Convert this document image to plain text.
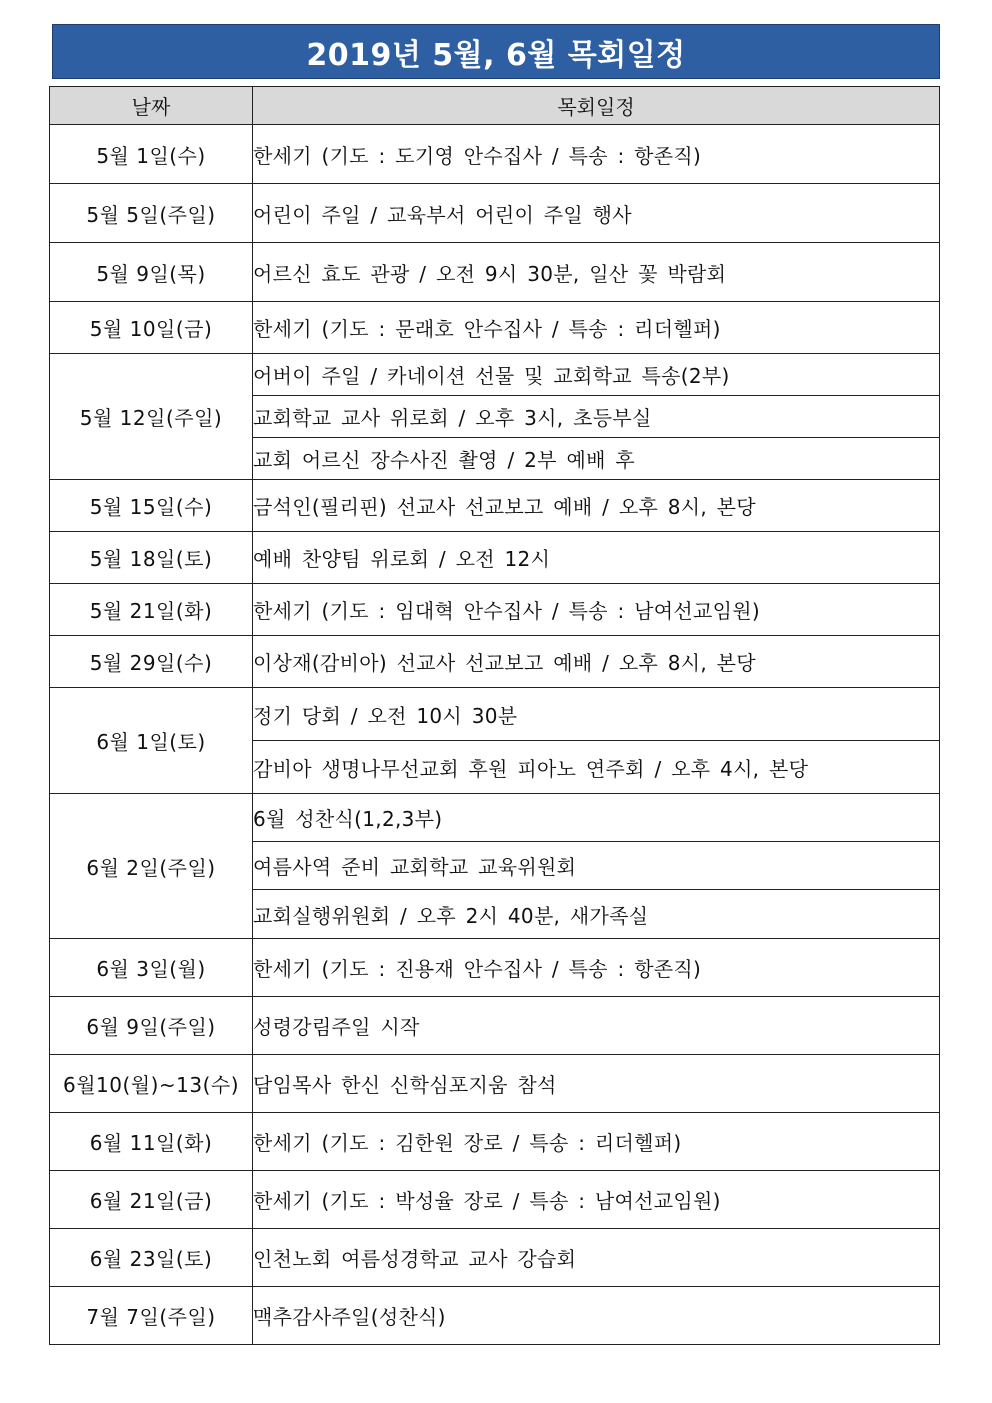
2019년 5월, 6월 목회일정
날짜	목회일정
5월 1일(수)	한세기 (기도 : 도기영 안수집사 / 특송 : 항존직)
5월 5일(주일)	어린이 주일 / 교육부서 어린이 주일 행사
5월 9일(목)	어르신 효도 관광 / 오전 9시 30분, 일산 꽃 박람회
5월 10일(금)	한세기 (기도 : 문래호 안수집사 / 특송 : 리더헬퍼)
5월 12일(주일)	어버이 주일 / 카네이션 선물 및 교회학교 특송(2부)
	교회학교 교사 위로회 / 오후 3시, 초등부실
	교회 어르신 장수사진 촬영 / 2부 예배 후
5월 15일(수)	금석인(필리핀) 선교사 선교보고 예배 / 오후 8시, 본당
5월 18일(토)	예배 찬양팀 위로회 / 오전 12시
5월 21일(화)	한세기 (기도 : 임대혁 안수집사 / 특송 : 남여선교임원)
5월 29일(수)	이상재(감비아) 선교사 선교보고 예배 / 오후 8시, 본당
6월 1일(토)	정기 당회 / 오전 10시 30분
	감비아 생명나무선교회 후원 피아노 연주회 / 오후 4시, 본당
6월 2일(주일)	6월 성찬식(1,2,3부)
	여름사역 준비 교회학교 교육위원회
	교회실행위원회 / 오후 2시 40분, 새가족실
6월 3일(월)	한세기 (기도 : 진용재 안수집사 / 특송 : 항존직)
6월 9일(주일)	성령강림주일 시작
6월10(월)~13(수)	담임목사 한신 신학심포지움 참석
6월 11일(화)	한세기 (기도 : 김한원 장로 / 특송 : 리더헬퍼)
6월 21일(금)	한세기 (기도 : 박성율 장로 / 특송 : 남여선교임원)
6월 23일(토)	인천노회 여름성경학교 교사 강습회
7월 7일(주일)	맥추감사주일(성찬식)
